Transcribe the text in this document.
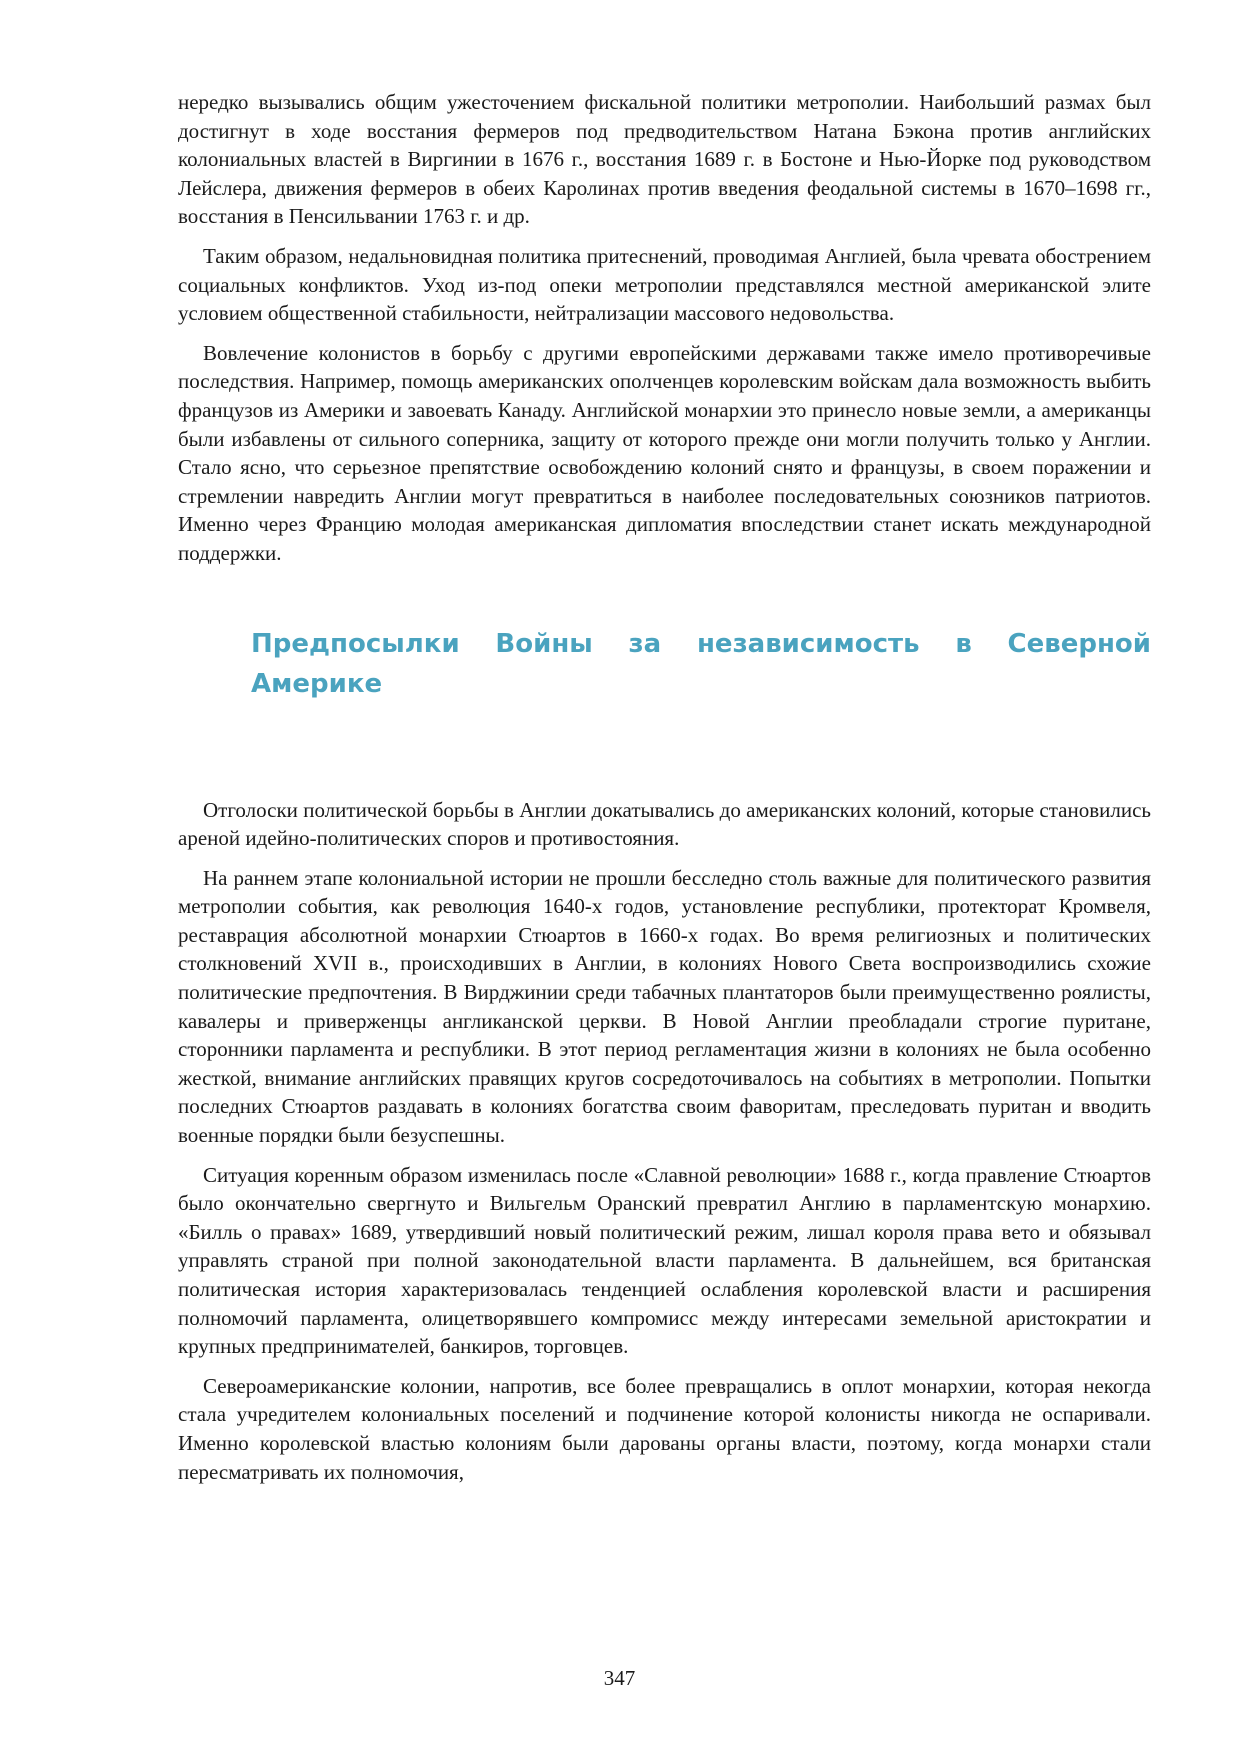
нередко вызывались общим ужесточением фискальной политики метрополии. Наибольший размах был достигнут в ходе восстания фермеров под предводительством Натана Бэкона против английских колониальных властей в Виргинии в 1676 г., восстания 1689 г. в Бостоне и Нью-Йорке под руководством Лейслера, движения фермеров в обеих Каролинах против введения феодальной системы в 1670–1698 гг., восстания в Пенсильвании 1763 г. и др.

Таким образом, недальновидная политика притеснений, проводимая Англией, была чревата обострением социальных конфликтов. Уход из-под опеки метрополии представлялся местной американской элите условием общественной стабильности, нейтрализации массового недовольства.

Вовлечение колонистов в борьбу с другими европейскими державами также имело противоречивые последствия. Например, помощь американских ополченцев королевским войскам дала возможность выбить французов из Америки и завоевать Канаду. Английской монархии это принесло новые земли, а американцы были избавлены от сильного соперника, защиту от которого прежде они могли получить только у Англии. Стало ясно, что серьезное препятствие освобождению колоний снято и французы, в своем поражении и стремлении навредить Англии могут превратиться в наиболее последовательных союзников патриотов. Именно через Францию молодая американская дипломатия впоследствии станет искать международной поддержки.

Предпосылки Войны за независимость в Северной Америке

Отголоски политической борьбы в Англии докатывались до американских колоний, которые становились ареной идейно-политических споров и противостояния.

На раннем этапе колониальной истории не прошли бесследно столь важные для политического развития метрополии события, как революция 1640-х годов, установление республики, протекторат Кромвеля, реставрация абсолютной монархии Стюартов в 1660-х годах. Во время религиозных и политических столкновений XVII в., происходивших в Англии, в колониях Нового Света воспроизводились схожие политические предпочтения. В Вирджинии среди табачных плантаторов были преимущественно роялисты, кавалеры и приверженцы англиканской церкви. В Новой Англии преобладали строгие пуритане, сторонники парламента и республики. В этот период регламентация жизни в колониях не была особенно жесткой, внимание английских правящих кругов сосредоточивалось на событиях в метрополии. Попытки последних Стюартов раздавать в колониях богатства своим фаворитам, преследовать пуритан и вводить военные порядки были безуспешны.

Ситуация коренным образом изменилась после «Славной революции» 1688 г., когда правление Стюартов было окончательно свергнуто и Вильгельм Оранский превратил Англию в парламентскую монархию. «Билль о правах» 1689, утвердивший новый политический режим, лишал короля права вето и обязывал управлять страной при полной законодательной власти парламента. В дальнейшем, вся британская политическая история характеризовалась тенденцией ослабления королевской власти и расширения полномочий парламента, олицетворявшего компромисс между интересами земельной аристократии и крупных предпринимателей, банкиров, торговцев.

Североамериканские колонии, напротив, все более превращались в оплот монархии, которая некогда стала учредителем колониальных поселений и подчинение которой колонисты никогда не оспаривали. Именно королевской властью колониям были дарованы органы власти, поэтому, когда монархи стали пересматривать их полномочия,

347
